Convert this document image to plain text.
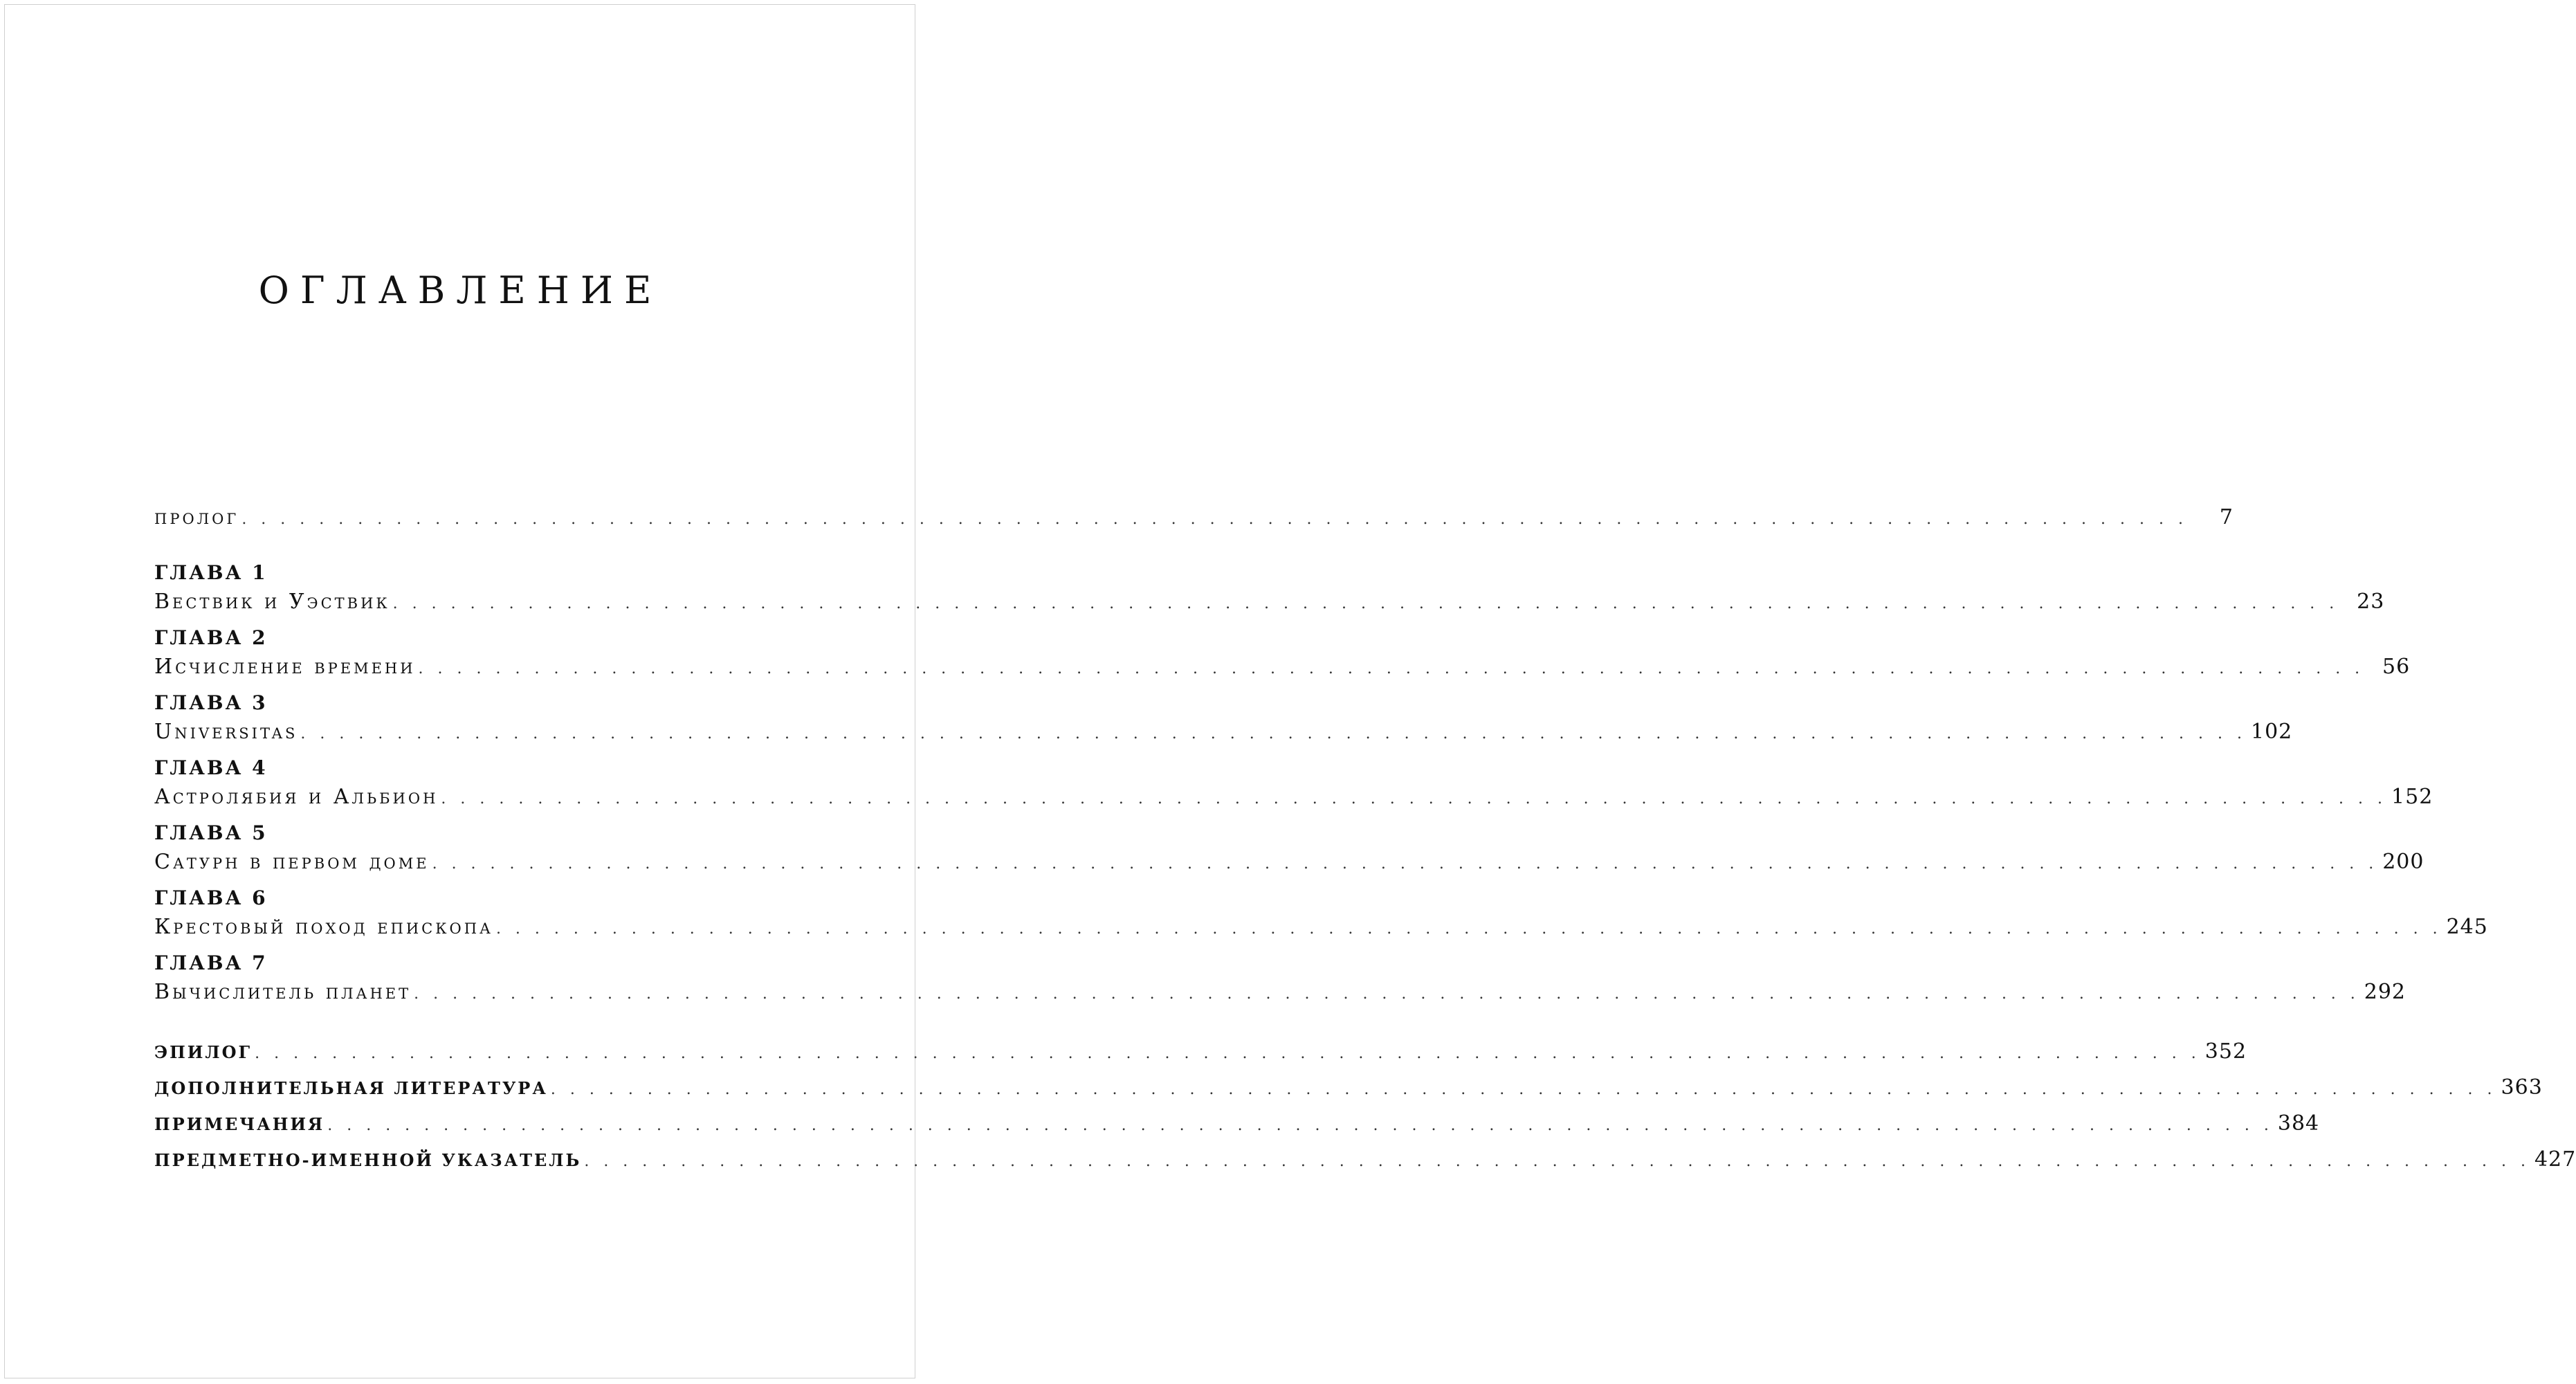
ОГЛАВЛЕНИЕ
пролог . . . . . . . . . . . . . . . . . . . . . . . . . . . . . . . . . . . . . . . . . . . . . . . . . . . . . . . . . . . . . . . . . . . . . . . . . . . . . . . . . . . . . . . . . . . . . . . . . . . . .	7
ГЛАВА 1
Вествик и Уэствик . . . . . . . . . . . . . . . . . . . . . . . . . . . . . . . . . . . . . . . . . . . . . . . . . . . . . . . . . . . . . . . . . . . . . . . . . . . . . . . . . . . . . . . . . . . . . . . . . . . . . 23
ГЛАВА 2
Исчисление времени . . . . . . . . . . . . . . . . . . . . . . . . . . . . . . . . . . . . . . . . . . . . . . . . . . . . . . . . . . . . . . . . . . . . . . . . . . . . . . . . . . . . . . . . . . . . . . . . . . . . . 56
ГЛАВА 3
Universitas . . . . . . . . . . . . . . . . . . . . . . . . . . . . . . . . . . . . . . . . . . . . . . . . . . . . . . . . . . . . . . . . . . . . . . . . . . . . . . . . . . . . . . . . . . . . . . . . . . . . . 102
ГЛАВА 4
Астролябия и Альбион . . . . . . . . . . . . . . . . . . . . . . . . . . . . . . . . . . . . . . . . . . . . . . . . . . . . . . . . . . . . . . . . . . . . . . . . . . . . . . . . . . . . . . . . . . . . . . . . . . . . . 152
ГЛАВА 5
Сатурн в первом доме . . . . . . . . . . . . . . . . . . . . . . . . . . . . . . . . . . . . . . . . . . . . . . . . . . . . . . . . . . . . . . . . . . . . . . . . . . . . . . . . . . . . . . . . . . . . . . . . . . . . . 200
ГЛАВА 6
Крестовый поход епископа . . . . . . . . . . . . . . . . . . . . . . . . . . . . . . . . . . . . . . . . . . . . . . . . . . . . . . . . . . . . . . . . . . . . . . . . . . . . . . . . . . . . . . . . . . . . . . . . . . . . . 245
ГЛАВА 7
Вычислитель планет . . . . . . . . . . . . . . . . . . . . . . . . . . . . . . . . . . . . . . . . . . . . . . . . . . . . . . . . . . . . . . . . . . . . . . . . . . . . . . . . . . . . . . . . . . . . . . . . . . . . . 292
ЭПИЛОГ . . . . . . . . . . . . . . . . . . . . . . . . . . . . . . . . . . . . . . . . . . . . . . . . . . . . . . . . . . . . . . . . . . . . . . . . . . . . . . . . . . . . . . . . . . . . . . . . . . . . . 352
ДОПОЛНИТЕЛЬНАЯ ЛИТЕРАТУРА . . . . . . . . . . . . . . . . . . . . . . . . . . . . . . . . . . . . . . . . . . . . . . . . . . . . . . . . . . . . . . . . . . . . . . . . . . . . . . . . . . . . . . . . . . . . . . . . . . . . . 363
ПРИМЕЧАНИЯ . . . . . . . . . . . . . . . . . . . . . . . . . . . . . . . . . . . . . . . . . . . . . . . . . . . . . . . . . . . . . . . . . . . . . . . . . . . . . . . . . . . . . . . . . . . . . . . . . . . . . 384
ПРЕДМЕТНО-ИМЕННОЙ УКАЗАТЕЛЬ . . . . . . . . . . . . . . . . . . . . . . . . . . . . . . . . . . . . . . . . . . . . . . . . . . . . . . . . . . . . . . . . . . . . . . . . . . . . . . . . . . . . . . . . . . . . . . . . . . . . . 427
